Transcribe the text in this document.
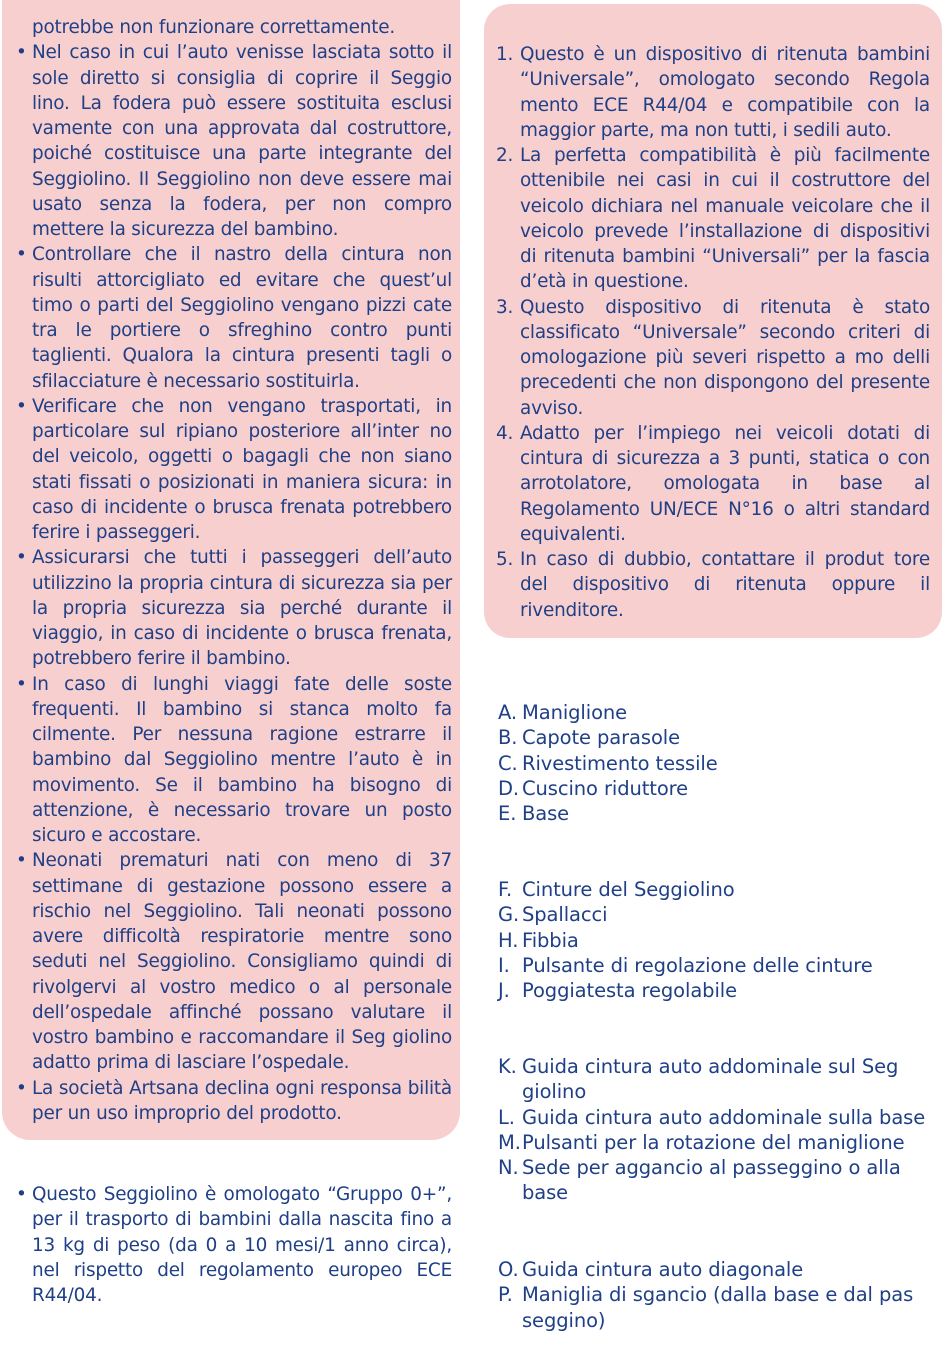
potrebbe non funzionare correttamente.
• Nel caso in cui l’auto venisse lasciata sotto il sole diretto si consiglia di coprire il Seggio lino. La fodera può essere sostituita esclusi vamente con una approvata dal costruttore, poiché costituisce una parte integrante del Seggiolino. Il Seggiolino non deve essere mai usato senza la fodera, per non compro mettere la sicurezza del bambino.
• Controllare che il nastro della cintura non risulti attorcigliato ed evitare che quest’ul timo o parti del Seggiolino vengano pizzi cate tra le portiere o sfreghino contro punti taglienti. Qualora la cintura presenti tagli o sfilacciature è necessario sostituirla.
• Verificare che non vengano trasportati, in particolare sul ripiano posteriore all’inter no del veicolo, oggetti o bagagli che non siano stati fissati o posizionati in maniera sicura: in caso di incidente o brusca frenata potrebbero ferire i passeggeri.
• Assicurarsi che tutti i passeggeri dell’auto utilizzino la propria cintura di sicurezza sia per la propria sicurezza sia perché durante il viaggio, in caso di incidente o brusca frenata, potrebbero ferire il bambino.
• In caso di lunghi viaggi fate delle soste frequenti. Il bambino si stanca molto fa cilmente. Per nessuna ragione estrarre il bambino dal Seggiolino mentre l’auto è in movimento. Se il bambino ha bisogno di attenzione, è necessario trovare un posto sicuro e accostare.
• Neonati prematuri nati con meno di 37 settimane di gestazione possono essere a rischio nel Seggiolino. Tali neonati possono avere difficoltà respiratorie mentre sono seduti nel Seggiolino. Consigliamo quindi di rivolgervi al vostro medico o al personale dell’ospedale affinché possano valutare il vostro bambino e raccomandare il Seg giolino adatto prima di lasciare l’ospedale.
• La società Artsana declina ogni responsa bilità per un uso improprio del prodotto.
• Questo Seggiolino è omologato “Gruppo 0+”, per il trasporto di bambini dalla nascita fino a 13 kg di peso (da 0 a 10 mesi/1 anno circa), nel rispetto del regolamento europeo ECE R44/04.
1. Questo è un dispositivo di ritenuta bambini “Universale”, omologato secondo Regola mento ECE R44/04 e compatibile con la maggior parte, ma non tutti, i sedili auto.
2. La perfetta compatibilità è più facilmente ottenibile nei casi in cui il costruttore del veicolo dichiara nel manuale veicolare che il veicolo prevede l’installazione di dispositivi di ritenuta bambini “Universali” per la fascia d’età in questione.
3. Questo dispositivo di ritenuta è stato classificato “Universale” secondo criteri di omologazione più severi rispetto a mo delli precedenti che non dispongono del presente avviso.
4. Adatto per l’impiego nei veicoli dotati di cintura di sicurezza a 3 punti, statica o con arrotolatore, omologata in base al Regolamento UN/ECE N°16 o altri standard equivalenti.
5. In caso di dubbio, contattare il produt tore del dispositivo di ritenuta oppure il rivenditore.
A. Maniglione
B. Capote parasole
C. Rivestimento tessile
D. Cuscino riduttore
E. Base
F. Cinture del Seggiolino
G. Spallacci
H. Fibbia
I. Pulsante di regolazione delle cinture
J. Poggiatesta regolabile
K. Guida cintura auto addominale sul Seg giolino
L. Guida cintura auto addominale sulla base
M. Pulsanti per la rotazione del maniglione
N. Sede per aggancio al passeggino o alla base
O. Guida cintura auto diagonale
P. Maniglia di sgancio (dalla base e dal pas seggino)
